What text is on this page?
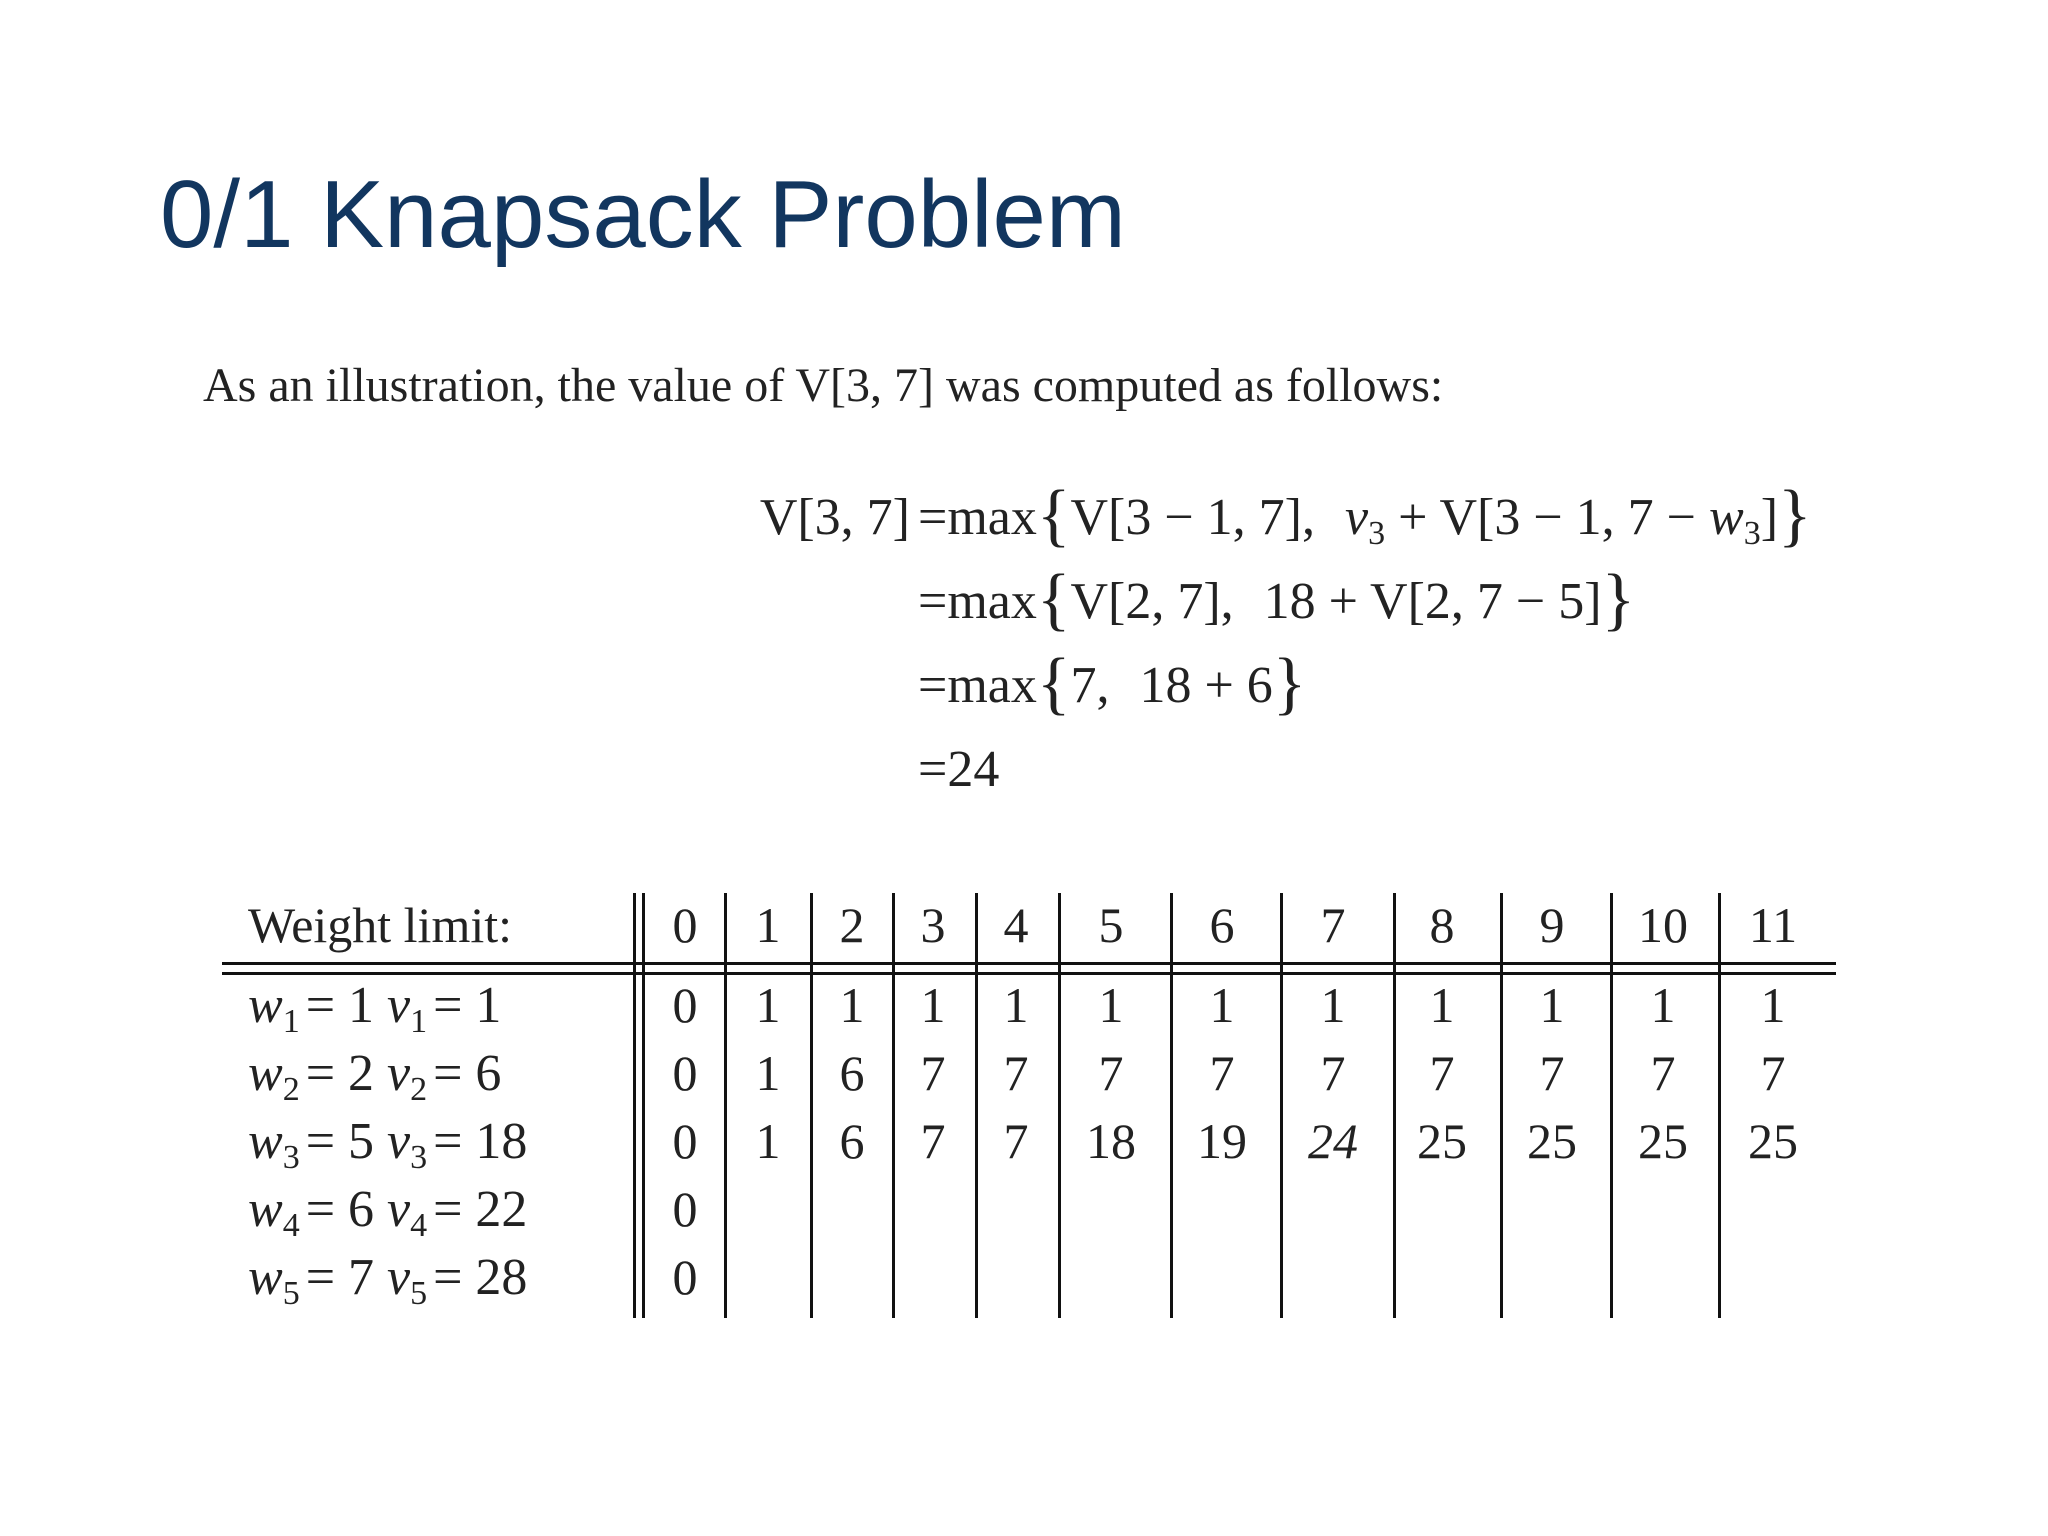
0/1 Knapsack Problem
As an illustration, the value of V[3, 7] was computed as follows:
V[3, 7] =max{V[3 − 1, 7], $v_3 + V[3 - 1$, $7 - w_3$]}
=max{V[2, 7], 18 + V[2, 7 − 5]}
=max{7, 18 + 6}
=24
Weight limit:	0	1	2	3	4	5	6	7	8	9	10	11
$w_1 = 1$ $v_1 = 1$	0	1	1	1	1	1	1	1	1	1	1	1
$w_2 = 2$ $v_2 = 6$	0	1	6	7	7	7	7	7	7	7	7	7
$w_3 = 5$ $v_3 = 18$	0	1	6	7	7	18	19	24	25	25	25	25
$w_4 = 6$ $v_4 = 22$	0
$w_5 = 7$ $v_5 = 28$	0
